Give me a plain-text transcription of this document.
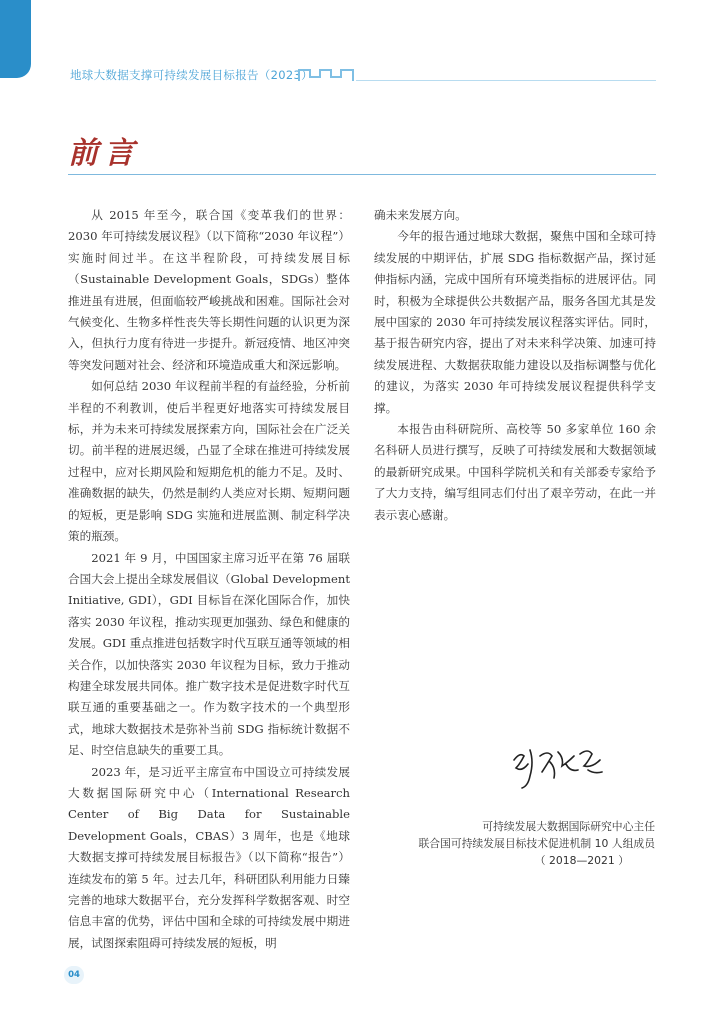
地球大数据支撑可持续发展目标报告（2023）
前言

从 2015 年至今，联合国《变革我们的世界：2030 年可持续发展议程》（以下简称“2030 年议程”）实施时间过半。在这半程阶段，可持续发展目标（Sustainable Development Goals，SDGs）整体推进虽有进展，但面临较严峻挑战和困难。国际社会对气候变化、生物多样性丧失等长期性问题的认识更为深入，但执行力度有待进一步提升。新冠疫情、地区冲突等突发问题对社会、经济和环境造成重大和深远影响。

如何总结 2030 年议程前半程的有益经验，分析前半程的不利教训，使后半程更好地落实可持续发展目标，并为未来可持续发展探索方向，国际社会在广泛关切。前半程的进展迟缓，凸显了全球在推进可持续发展过程中，应对长期风险和短期危机的能力不足。及时、准确数据的缺失，仍然是制约人类应对长期、短期问题的短板，更是影响 SDG 实施和进展监测、制定科学决策的瓶颈。

2021 年 9 月，中国国家主席习近平在第 76 届联合国大会上提出全球发展倡议（Global Development Initiative, GDI），GDI 目标旨在深化国际合作，加快落实 2030 年议程，推动实现更加强劲、绿色和健康的发展。GDI 重点推进包括数字时代互联互通等领域的相关合作，以加快落实 2030 年议程为目标，致力于推动构建全球发展共同体。推广数字技术是促进数字时代互联互通的重要基础之一。作为数字技术的一个典型形式，地球大数据技术是弥补当前 SDG 指标统计数据不足、时空信息缺失的重要工具。

2023 年，是习近平主席宣布中国设立可持续发展大数据国际研究中心（International Research Center of Big Data for Sustainable Development Goals，CBAS）3 周年，也是《地球大数据支撑可持续发展目标报告》（以下简称“报告”）连续发布的第 5 年。过去几年，科研团队利用能力日臻完善的地球大数据平台，充分发挥科学数据客观、时空信息丰富的优势，评估中国和全球的可持续发展中期进展，试图探索阻碍可持续发展的短板，明

确未来发展方向。

今年的报告通过地球大数据，聚焦中国和全球可持续发展的中期评估，扩展 SDG 指标数据产品，探讨延伸指标内涵，完成中国所有环境类指标的进展评估。同时，积极为全球提供公共数据产品，服务各国尤其是发展中国家的 2030 年可持续发展议程落实评估。同时，基于报告研究内容，提出了对未来科学决策、加速可持续发展进程、大数据获取能力建设以及指标调整与优化的建议，为落实 2030 年可持续发展议程提供科学支撑。

本报告由科研院所、高校等 50 多家单位 160 余名科研人员进行撰写，反映了可持续发展和大数据领域的最新研究成果。中国科学院机关和有关部委专家给予了大力支持，编写组同志们付出了艰辛劳动，在此一并表示衷心感谢。

可持续发展大数据国际研究中心主任
联合国可持续发展目标技术促进机制 10 人组成员
（ 2018—2021 ）
04
